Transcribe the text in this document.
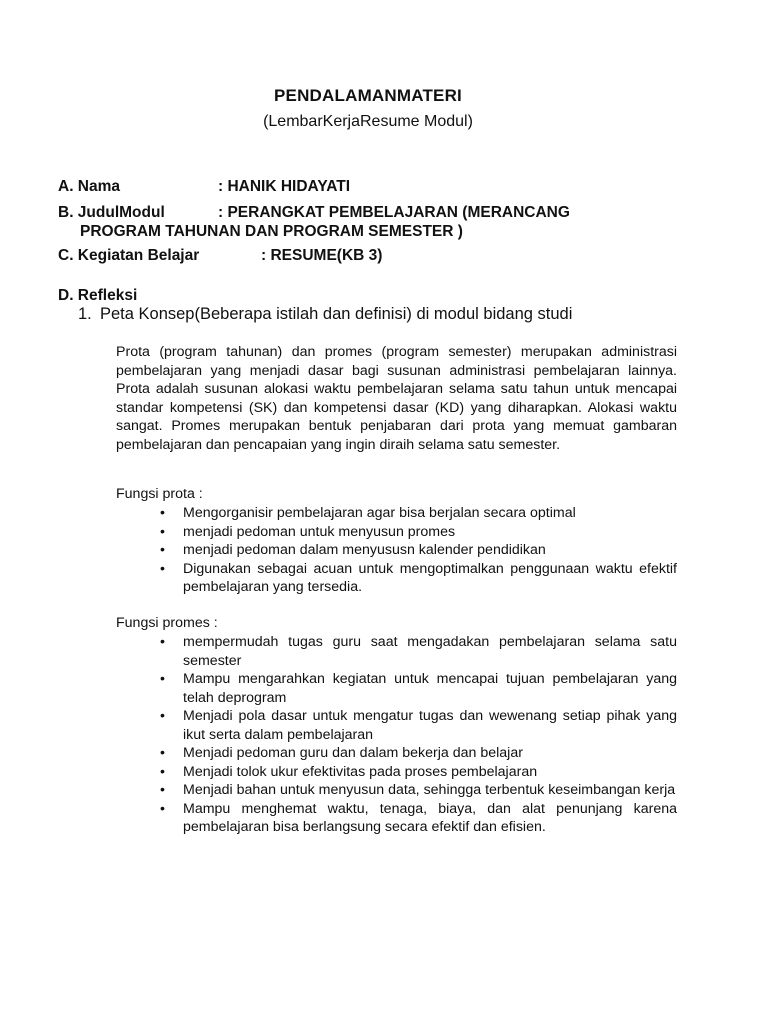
PENDALAMANMATERI
(LembarKerjaResume Modul)
A. Nama	: HANIK HIDAYATI
B. JudulModul	: PERANGKAT PEMBELAJARAN (MERANCANG
PROGRAM TAHUNAN DAN PROGRAM SEMESTER )
C. Kegiatan Belajar	: RESUME(KB 3)
D. Refleksi
1. Peta Konsep(Beberapa istilah dan definisi) di modul bidang studi
Prota (program tahunan) dan promes (program semester) merupakan administrasi pembelajaran yang menjadi dasar bagi susunan administrasi pembelajaran lainnya. Prota adalah susunan alokasi waktu pembelajaran selama satu tahun untuk mencapai standar kompetensi (SK) dan kompetensi dasar (KD) yang diharapkan. Alokasi waktu sangat. Promes merupakan bentuk penjabaran dari prota yang memuat gambaran pembelajaran dan pencapaian yang ingin diraih selama satu semester.
Fungsi prota :
• Mengorganisir pembelajaran agar bisa berjalan secara optimal
• menjadi pedoman untuk menyusun promes
• menjadi pedoman dalam menyususn kalender pendidikan
• Digunakan sebagai acuan untuk mengoptimalkan penggunaan waktu efektif pembelajaran yang tersedia.
Fungsi promes :
• mempermudah tugas guru saat mengadakan pembelajaran selama satu semester
• Mampu mengarahkan kegiatan untuk mencapai tujuan pembelajaran yang telah deprogram
• Menjadi pola dasar untuk mengatur tugas dan wewenang setiap pihak yang ikut serta dalam pembelajaran
• Menjadi pedoman guru dan dalam bekerja dan belajar
• Menjadi tolok ukur efektivitas pada proses pembelajaran
• Menjadi bahan untuk menyusun data, sehingga terbentuk keseimbangan kerja
• Mampu menghemat waktu, tenaga, biaya, dan alat penunjang karena pembelajaran bisa berlangsung secara efektif dan efisien.
